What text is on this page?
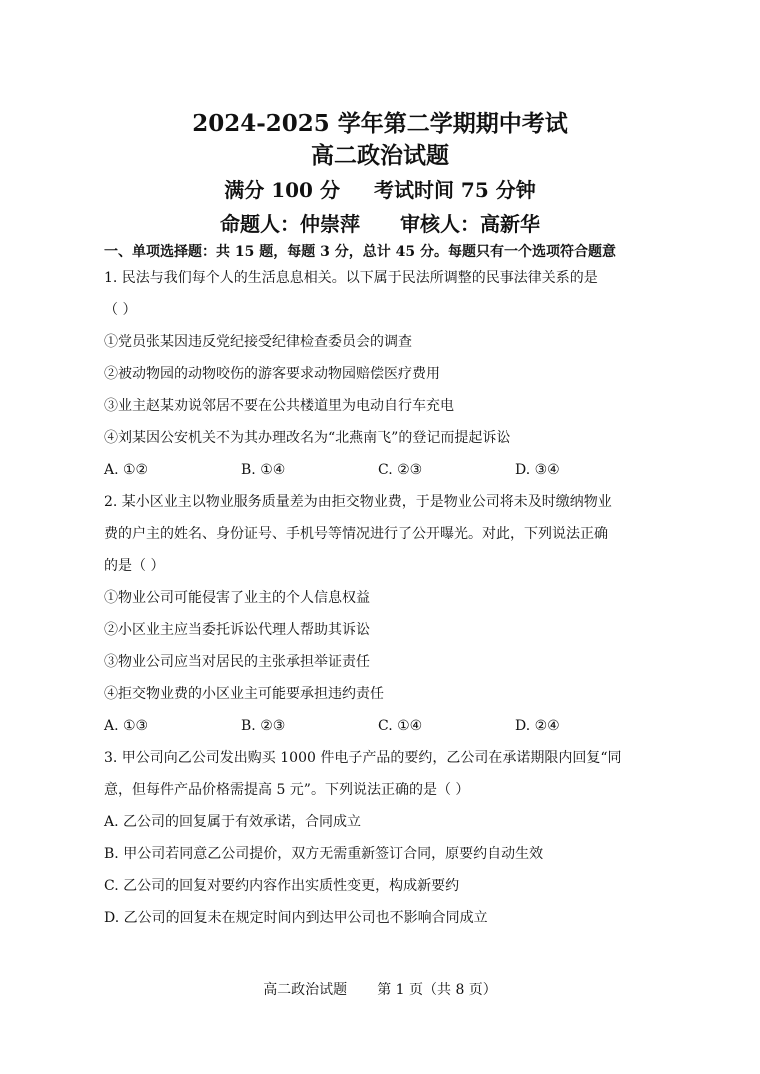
2024-2025 学年第二学期期中考试
高二政治试题
满分 100 分 考试时间 75 分钟
命题人：仲崇萍 审核人：高新华
一、单项选择题：共 15 题，每题 3 分，总计 45 分。每题只有一个选项符合题意
1. 民法与我们每个人的生活息息相关。以下属于民法所调整的民事法律关系的是
（ ）
①党员张某因违反党纪接受纪律检查委员会的调查
②被动物园的动物咬伤的游客要求动物园赔偿医疗费用
③业主赵某劝说邻居不要在公共楼道里为电动自行车充电
④刘某因公安机关不为其办理改名为“北燕南飞”的登记而提起诉讼
A. ①②	B. ①④	C. ②③	D. ③④
2. 某小区业主以物业服务质量差为由拒交物业费，于是物业公司将未及时缴纳物业
费的户主的姓名、身份证号、手机号等情况进行了公开曝光。对此，下列说法正确
的是（ ）
①物业公司可能侵害了业主的个人信息权益
②小区业主应当委托诉讼代理人帮助其诉讼
③物业公司应当对居民的主张承担举证责任
④拒交物业费的小区业主可能要承担违约责任
A. ①③	B. ②③	C. ①④	D. ②④
3. 甲公司向乙公司发出购买 1000 件电子产品的要约，乙公司在承诺期限内回复“同
意，但每件产品价格需提高 5 元”。下列说法正确的是（ ）
A. 乙公司的回复属于有效承诺，合同成立
B. 甲公司若同意乙公司提价，双方无需重新签订合同，原要约自动生效
C. 乙公司的回复对要约内容作出实质性变更，构成新要约
D. 乙公司的回复未在规定时间内到达甲公司也不影响合同成立
高二政治试题 第 1 页（共 8 页）
